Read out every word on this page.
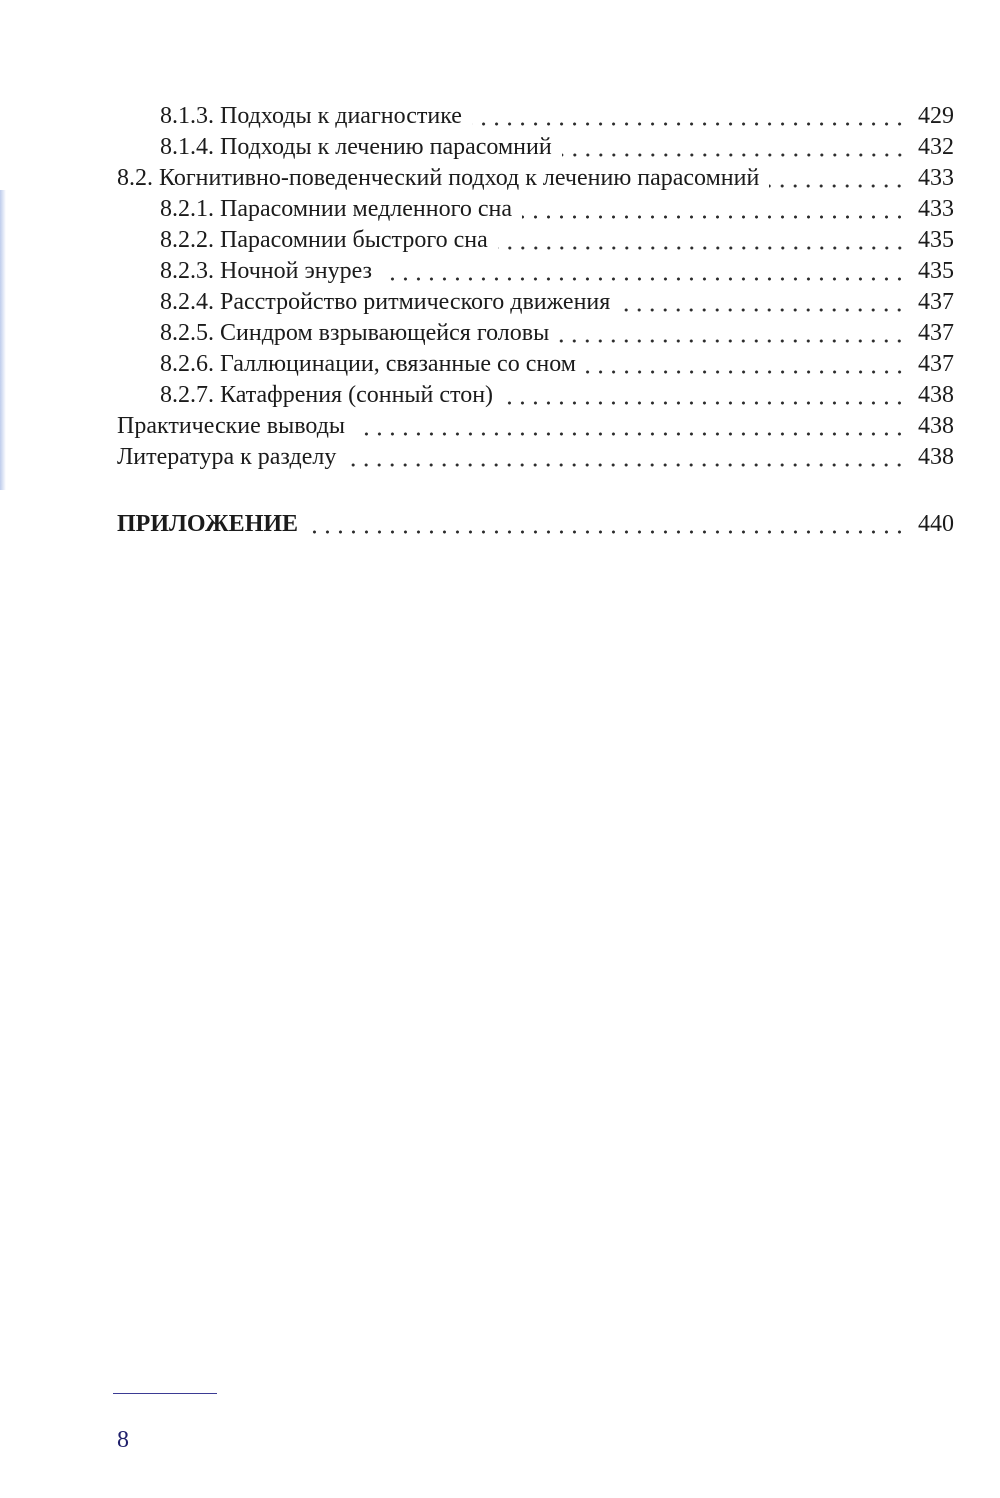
8.1.3. Подходы к диагностике	429
8.1.4. Подходы к лечению парасомний	432
8.2. Когнитивно-поведенческий подход к лечению парасомний	433
8.2.1. Парасомнии медленного сна	433
8.2.2. Парасомнии быстрого сна	435
8.2.3. Ночной энурез	435
8.2.4. Расстройство ритмического движения	437
8.2.5. Синдром взрывающейся головы	437
8.2.6. Галлюцинации, связанные со сном	437
8.2.7. Катафрения (сонный стон)	438
Практические выводы	438
Литература к разделу	438
ПРИЛОЖЕНИЕ	440
8
